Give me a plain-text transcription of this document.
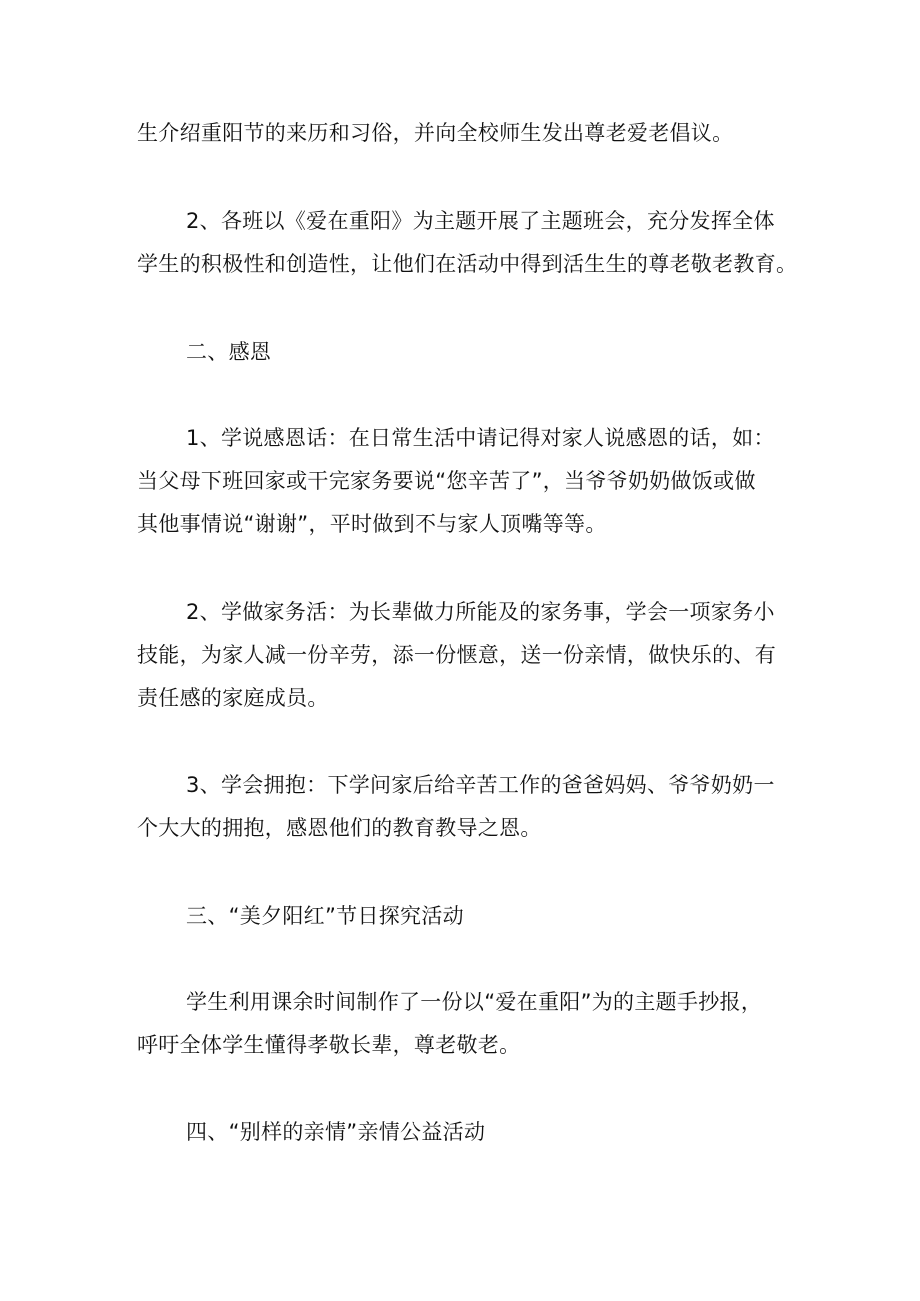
生介绍重阳节的来历和习俗，并向全校师生发出尊老爱老倡议。
2、各班以《爱在重阳》为主题开展了主题班会，充分发挥全体
学生的积极性和创造性，让他们在活动中得到活生生的尊老敬老教育。
二、感恩
1、学说感恩话：在日常生活中请记得对家人说感恩的话，如：
当父母下班回家或干完家务要说“您辛苦了”，当爷爷奶奶做饭或做
其他事情说“谢谢”，平时做到不与家人顶嘴等等。
2、学做家务活：为长辈做力所能及的家务事，学会一项家务小
技能，为家人减一份辛劳，添一份惬意，送一份亲情，做快乐的、有
责任感的家庭成员。
3、学会拥抱：下学问家后给辛苦工作的爸爸妈妈、爷爷奶奶一
个大大的拥抱，感恩他们的教育教导之恩。
三、“美夕阳红”节日探究活动
学生利用课余时间制作了一份以“爱在重阳”为的主题手抄报，
呼吁全体学生懂得孝敬长辈，尊老敬老。
四、“别样的亲情”亲情公益活动
